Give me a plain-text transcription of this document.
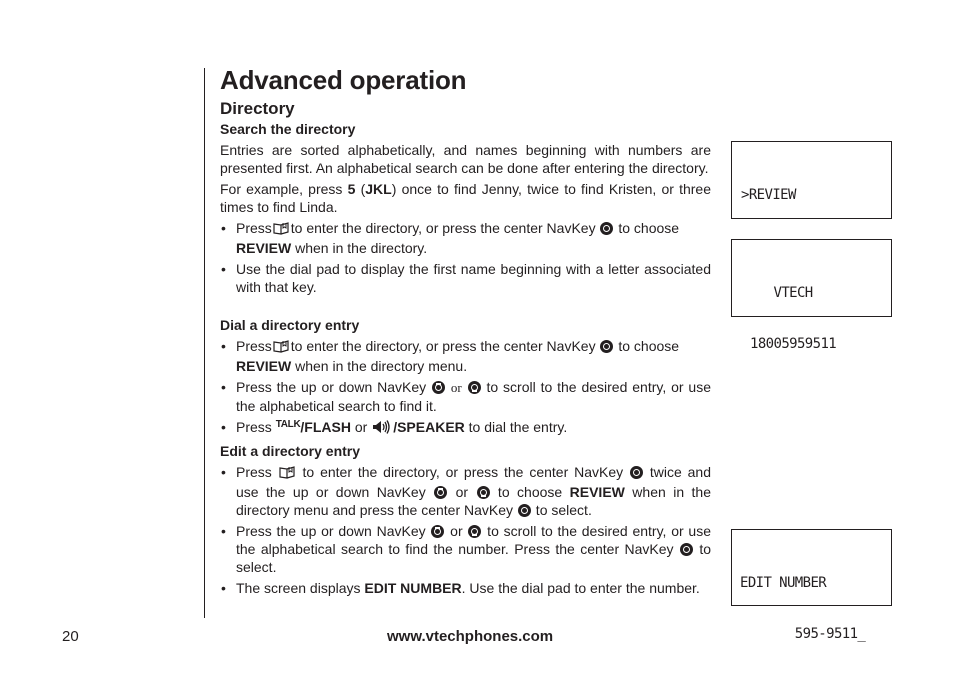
Advanced operation
Directory
Search the directory

Entries are sorted alphabetically, and names beginning with numbers are presented first. An alphabetical search can be done after entering the directory.

For example, press 5 (JKL) once to find Jenny, twice to find Kristen, or three times to find Linda.

• Press to enter the directory, or press the center NavKey to choose REVIEW when in the directory.
• Use the dial pad to display the first name beginning with a letter associated with that key.
Dial a directory entry
• Press to enter the directory, or press the center NavKey to choose REVIEW when in the directory menu.
• Press the up or down NavKey or  to scroll to the desired entry, or use the alphabetical search to find it.
• Press $^{TALK}$/FLASH or /SPEAKER to dial the entry.
Edit a directory entry
• Press  to enter the directory, or press the center NavKey  twice and use the up or down NavKey  or  to choose REVIEW when in the directory menu and press the center NavKey  to select.
• Press the up or down NavKey  or  to scroll to the desired entry, or use the alphabetical search to find the number. Press the center NavKey  to select.
• The screen displays EDIT NUMBER. Use the dial pad to enter the number.

>REVIEW

VTECH

18005959511

EDIT NUMBER

595-9511_

20	www.vtechphones.com
